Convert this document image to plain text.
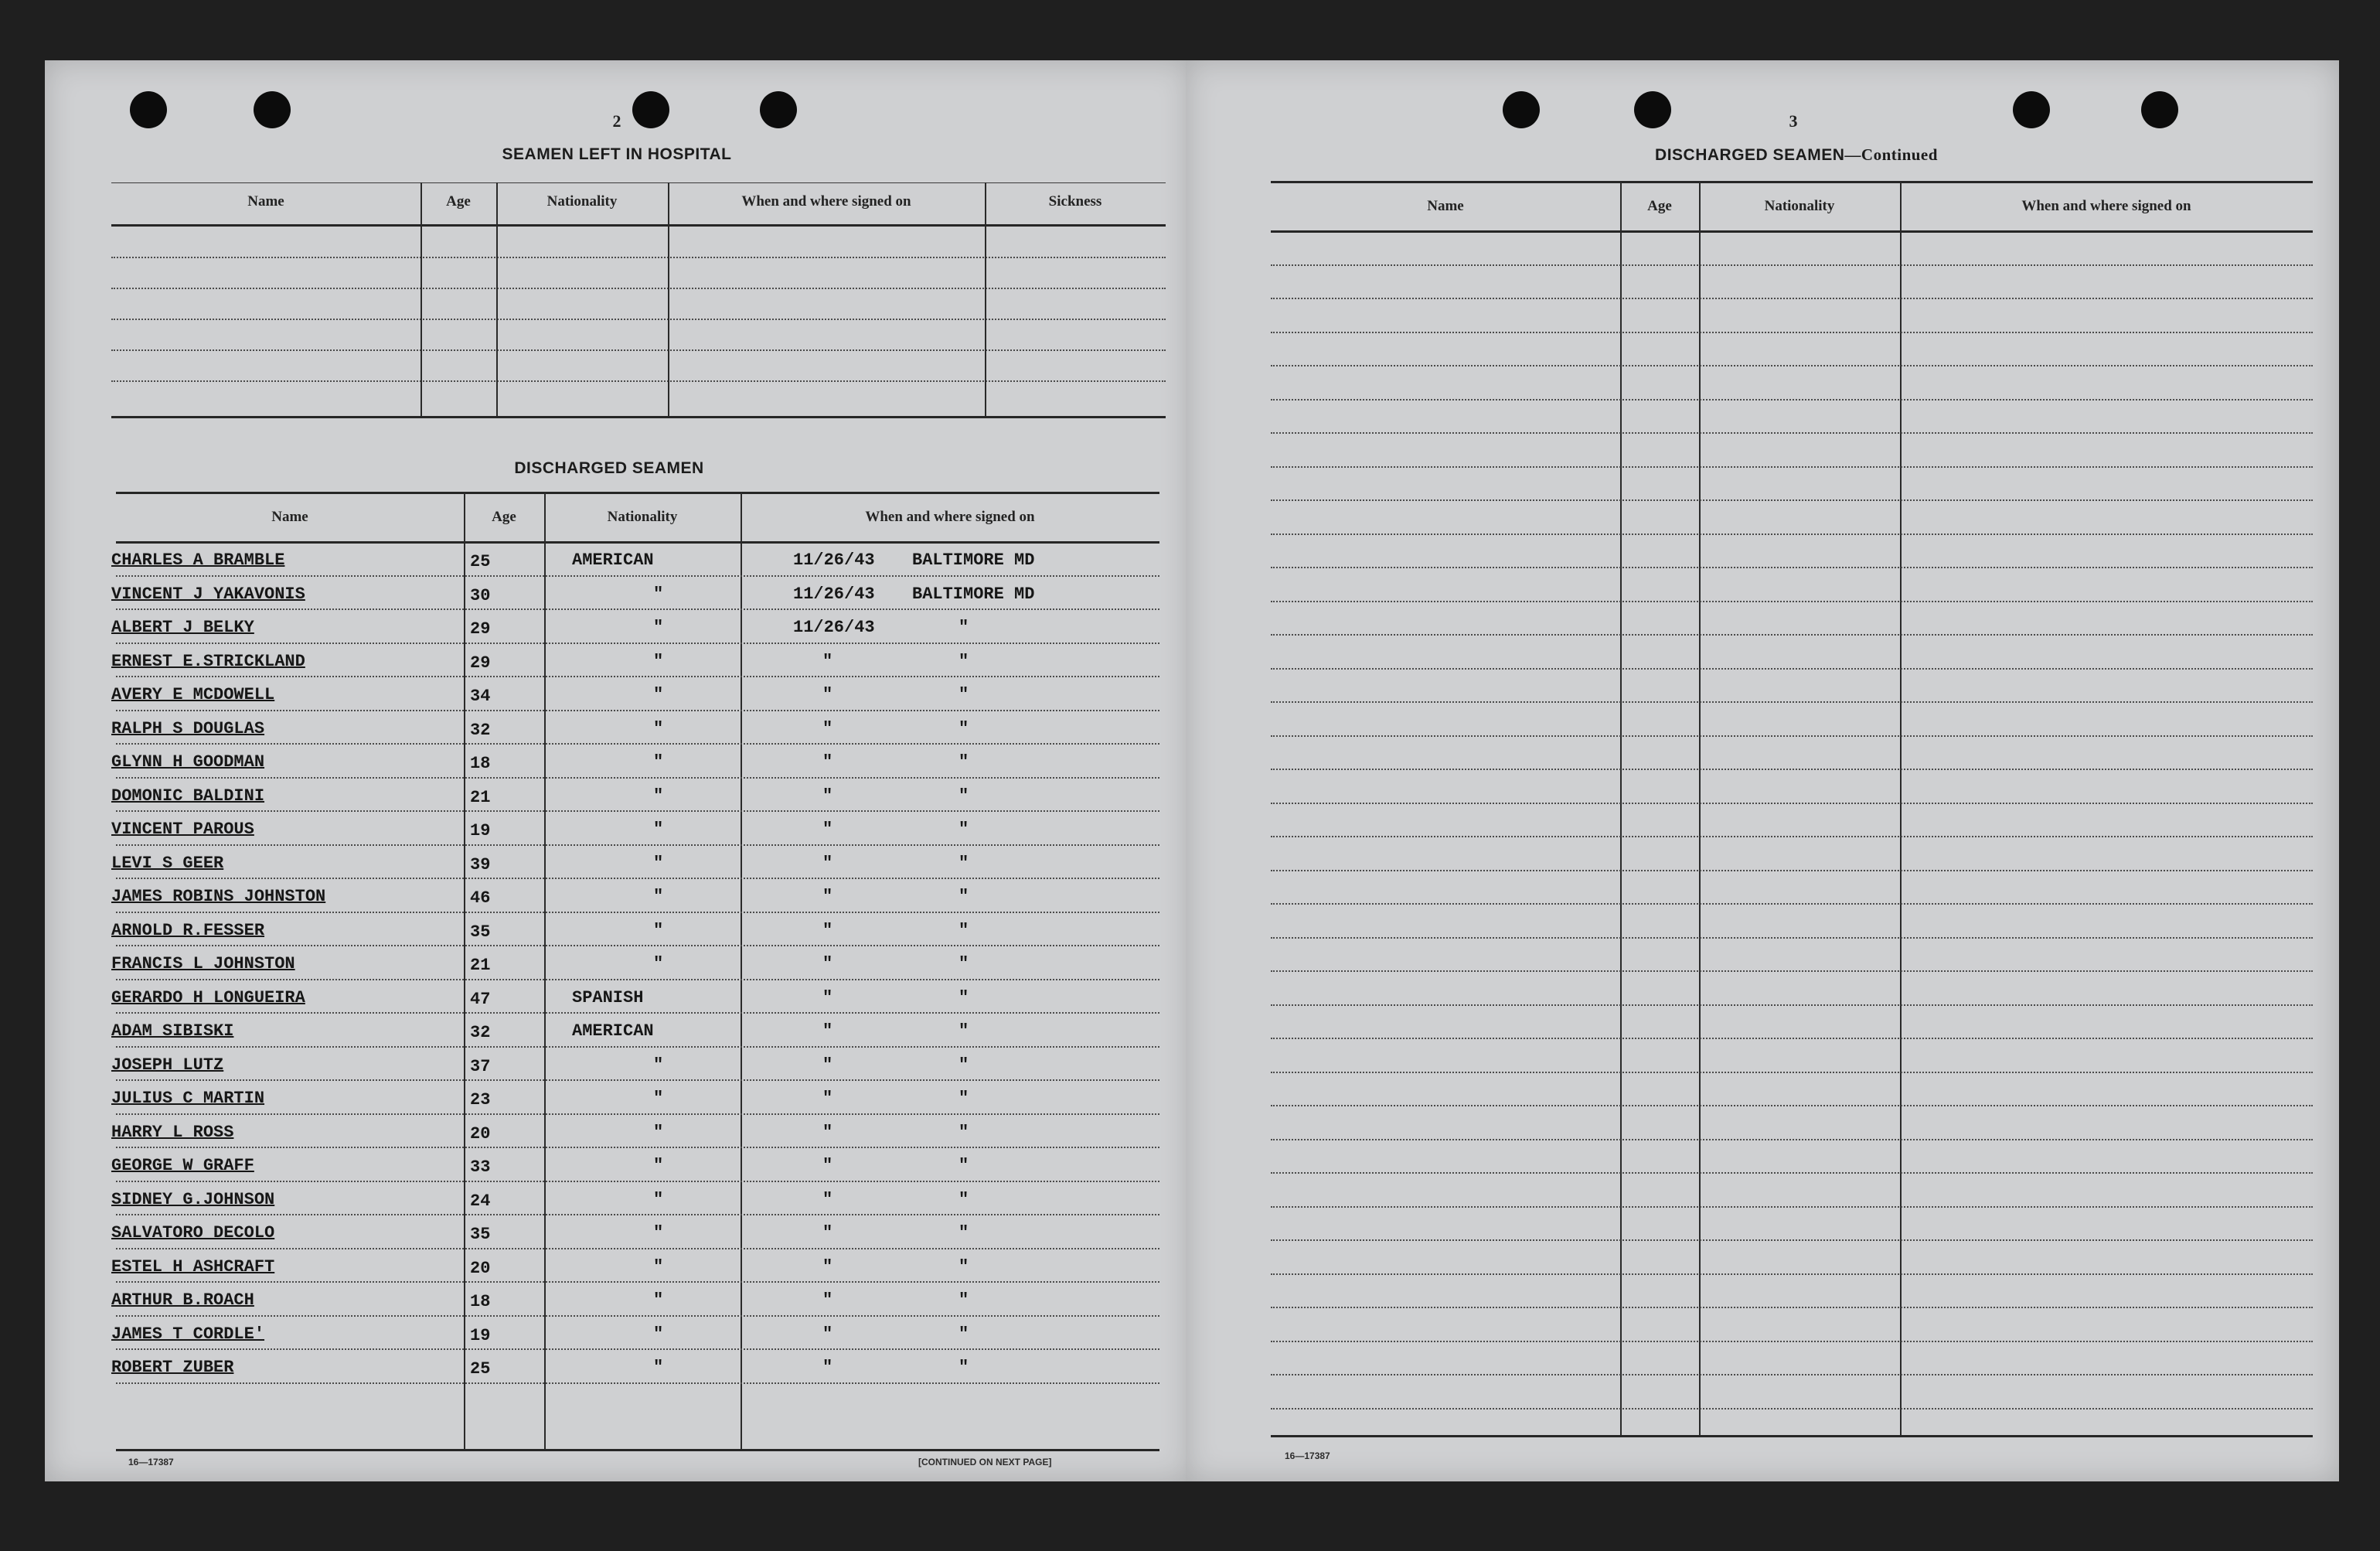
2
SEAMEN LEFT IN HOSPITAL
Name	Age	Nationality	When and where signed on	Sickness
DISCHARGED SEAMEN
Name	Age	Nationality	When and where signed on
CHARLES A BRAMBLE	25	AMERICAN	11/26/43 BALTIMORE MD
VINCENT J YAKAVONIS	30	"	11/26/43 BALTIMORE MD
ALBERT J BELKY	29	"	11/26/43	"
ERNEST E.STRICKLAND	29	"	"	"
AVERY E MCDOWELL	34	"	"	"
RALPH S DOUGLAS	32	"	"	"
GLYNN H GOODMAN	18	"	"	"
DOMONIC BALDINI	21	"	"	"
VINCENT PAROUS	19	"	"	"
LEVI S GEER	39	"	"	"
JAMES ROBINS JOHNSTON	46	"	"	"
ARNOLD R.FESSER	35	"	"	"
FRANCIS L JOHNSTON	21	"	"	"
GERARDO H LONGUEIRA	47	SPANISH	"	"
ADAM SIBISKI	32	AMERICAN	"	"
JOSEPH LUTZ	37	"	"	"
JULIUS C MARTIN	23	"	"	"
HARRY L ROSS	20	"	"	"
GEORGE W GRAFF	33	"	"	"
SIDNEY G.JOHNSON	24	"	"	"
SALVATORO DECOLO	35	"	"	"
ESTEL H ASHCRAFT	20	"	"	"
ARTHUR B.ROACH	18	"	"	"
JAMES T CORDLE'	19	"	"	"
ROBERT ZUBER	25	"	"	"
16—17387	[CONTINUED ON NEXT PAGE]
3
DISCHARGED SEAMEN—Continued
Name	Age	Nationality	When and where signed on
16—17387
